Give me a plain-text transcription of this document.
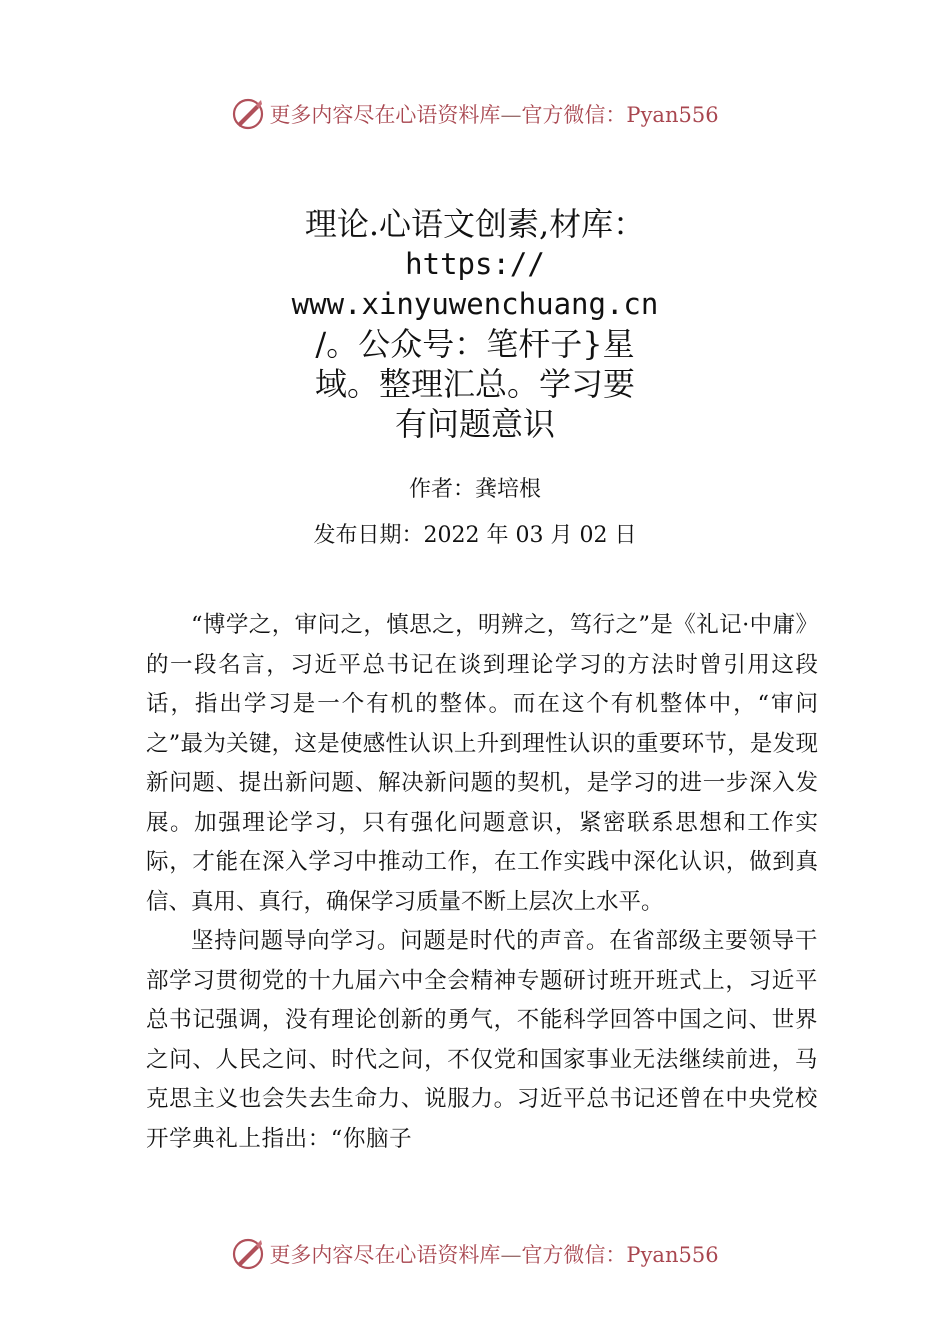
更多内容尽在心语资料库—官方微信：Pyan556
理论.心语文创素,材库：
https://
www.xinyuwenchuang.cn
/。公众号：笔杆子}星
域。整理汇总。学习要
有问题意识
作者：龚培根
发布日期：2022 年 03 月 02 日

“博学之，审问之，慎思之，明辨之，笃行之”是《礼记·中庸》的一段名言，习近平总书记在谈到理论学习的方法时曾引用这段话，指出学习是一个有机的整体。而在这个有机整体中，“审问之”最为关键，这是使感性认识上升到理性认识的重要环节，是发现新问题、提出新问题、解决新问题的契机，是学习的进一步深入发展。加强理论学习，只有强化问题意识，紧密联系思想和工作实际，才能在深入学习中推动工作，在工作实践中深化认识，做到真信、真用、真行，确保学习质量不断上层次上水平。

坚持问题导向学习。问题是时代的声音。在省部级主要领导干部学习贯彻党的十九届六中全会精神专题研讨班开班式上，习近平总书记强调，没有理论创新的勇气，不能科学回答中国之问、世界之问、人民之问、时代之问，不仅党和国家事业无法继续前进，马克思主义也会失去生命力、说服力。习近平总书记还曾在中央党校开学典礼上指出：“你脑子

更多内容尽在心语资料库—官方微信：Pyan556
